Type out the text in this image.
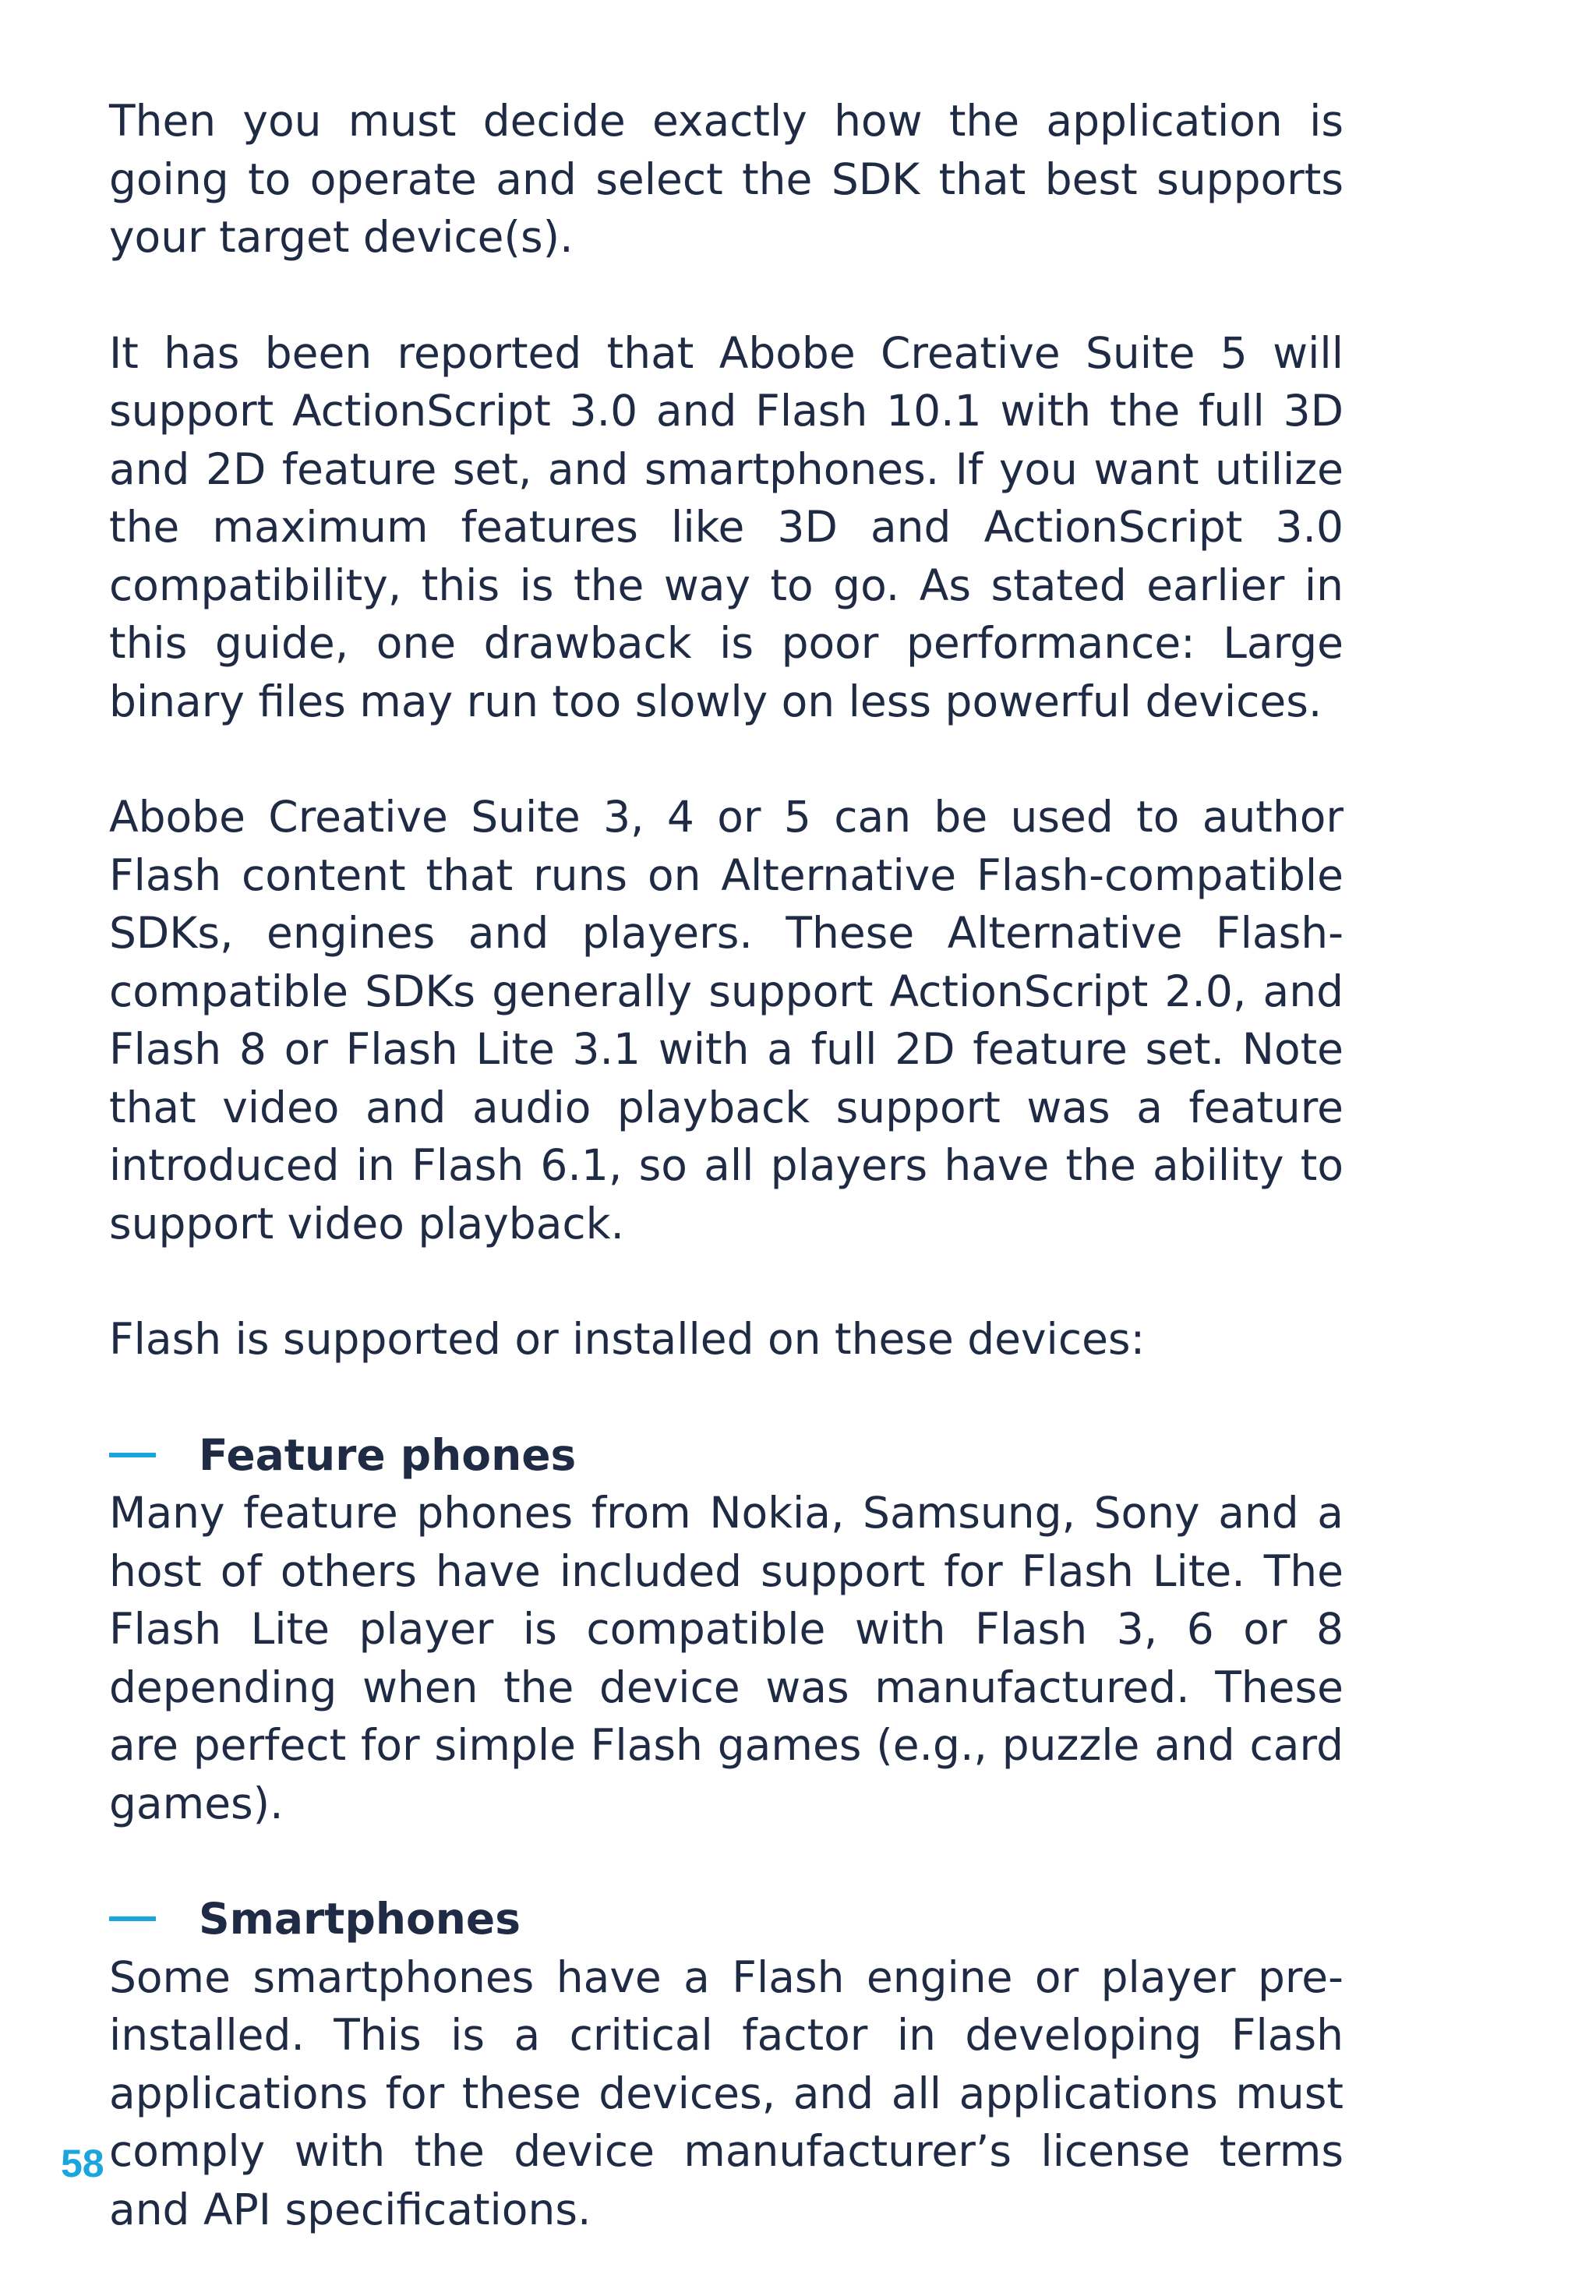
Then you must decide exactly how the application is going to operate and select the SDK that best supports your target device(s).

It has been reported that Abobe Creative Suite 5 will support ActionScript 3.0 and Flash 10.1 with the full 3D and 2D feature set, and smartphones. If you want utilize the maximum features like 3D and ActionScript 3.0 compatibility, this is the way to go. As stated earlier in this guide, one drawback is poor performance: Large binary files may run too slowly on less powerful devices.

Abobe Creative Suite 3, 4 or 5 can be used to author Flash content that runs on Alternative Flash-compatible SDKs, engines and players. These Alternative Flash-compatible SDKs generally support ActionScript 2.0, and Flash 8 or Flash Lite 3.1 with a full 2D feature set. Note that video and audio playback support was a feature introduced in Flash 6.1, so all players have the ability to support video playback.

Flash is supported or installed on these devices:

Feature phones

Many feature phones from Nokia, Samsung, Sony and a host of others have included support for Flash Lite. The Flash Lite player is compatible with Flash 3, 6 or 8 depending when the device was manufactured. These are perfect for simple Flash games (e.g., puzzle and card games).

Smartphones

Some smartphones have a Flash engine or player pre-installed. This is a critical factor in developing Flash applications for these devices, and all applications must comply with the device manufacturer’s license terms and API specifications.

58
